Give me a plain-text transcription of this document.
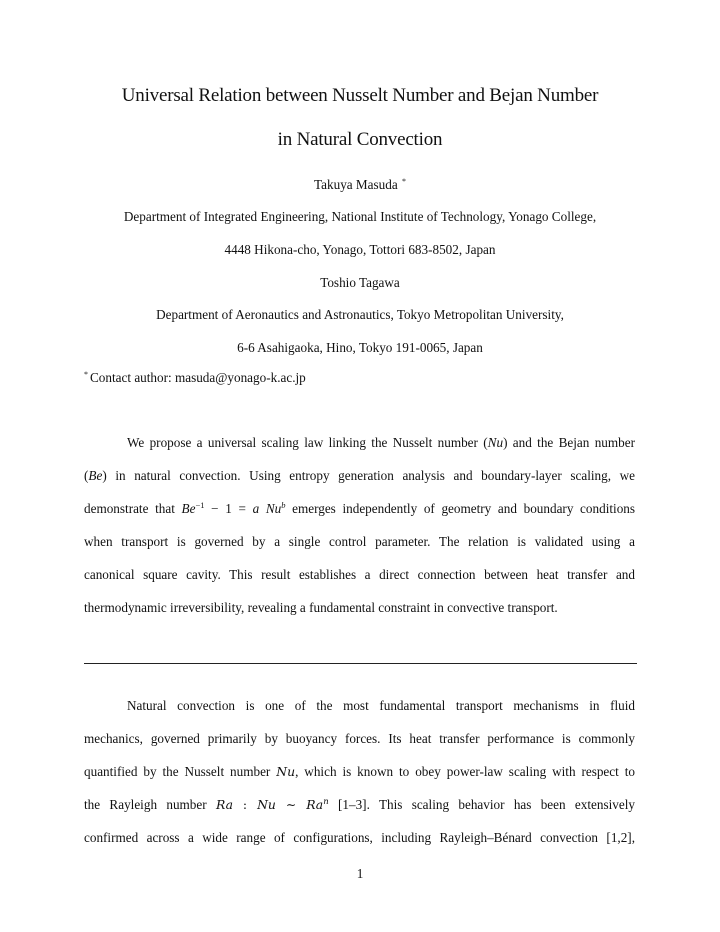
Universal Relation between Nusselt Number and Bejan Number
in Natural Convection
Takuya Masuda *
Department of Integrated Engineering, National Institute of Technology, Yonago College,
4448 Hikona-cho, Yonago, Tottori 683-8502, Japan
Toshio Tagawa
Department of Aeronautics and Astronautics, Tokyo Metropolitan University,
6-6 Asahigaoka, Hino, Tokyo 191-0065, Japan
* Contact author: masuda@yonago-k.ac.jp
We propose a universal scaling law linking the Nusselt number (Nu) and the Bejan number
(Be) in natural convection. Using entropy generation analysis and boundary-layer scaling, we
demonstrate that $Be^{-1} - 1 = a$ Nu$^b$ emerges independently of geometry and boundary conditions
when transport is governed by a single control parameter. The relation is validated using a
canonical square cavity. This result establishes a direct connection between heat transfer and
thermodynamic irreversibility, revealing a fundamental constraint in convective transport.
Natural convection is one of the most fundamental transport mechanisms in fluid
mechanics, governed primarily by buoyancy forces. Its heat transfer performance is commonly
quantified by the Nusselt number Nu, which is known to obey power-law scaling with respect to
the Rayleigh number Ra : Nu ∼ Ra$^n$ [1–3]. This scaling behavior has been extensively
confirmed across a wide range of configurations, including Rayleigh–Bénard convection [1,2],
1
